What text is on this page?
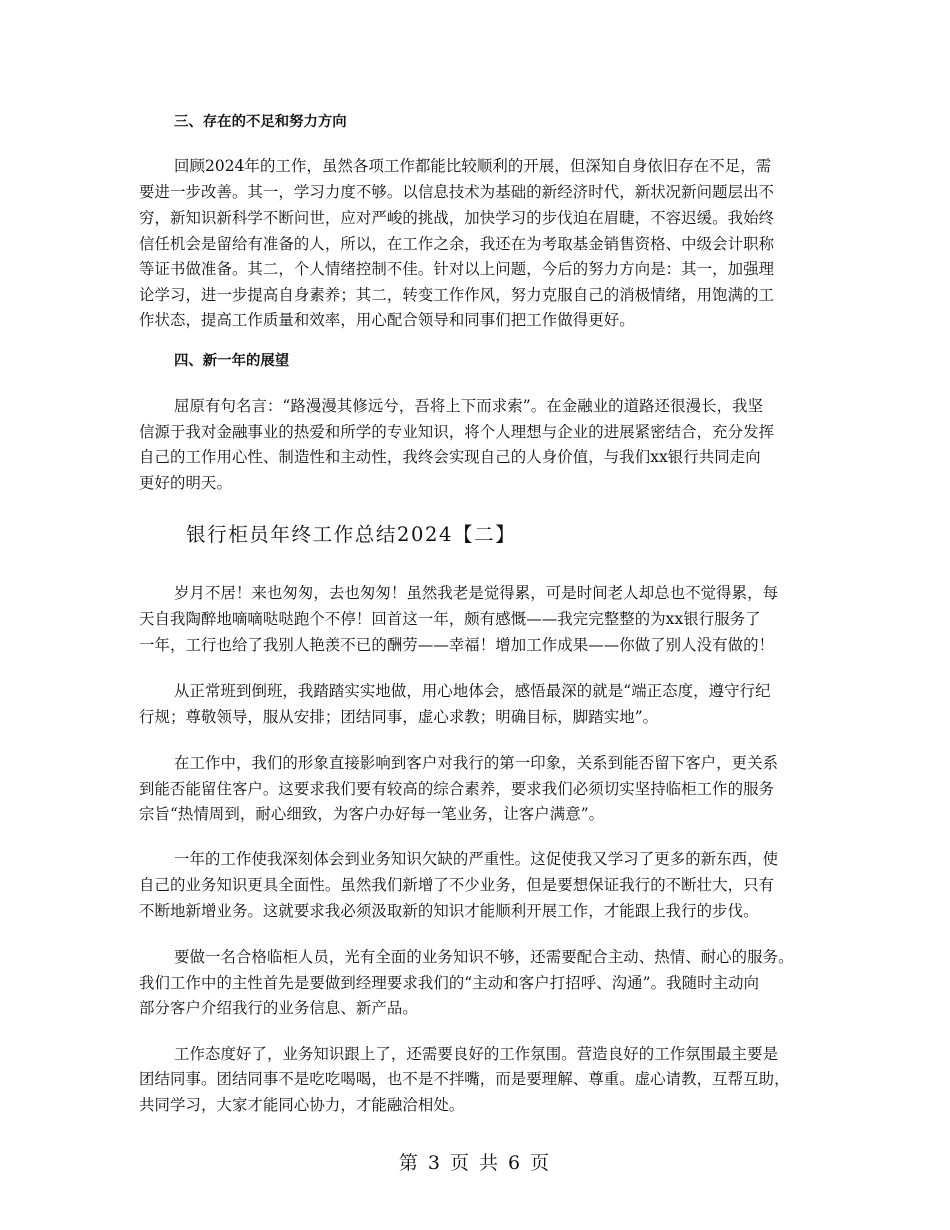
三、存在的不足和努力方向
回顾2024年的工作，虽然各项工作都能比较顺利的开展，但深知自身依旧存在不足，需
要进一步改善。其一，学习力度不够。以信息技术为基础的新经济时代，新状况新问题层出不
穷，新知识新科学不断问世，应对严峻的挑战，加快学习的步伐迫在眉睫，不容迟缓。我始终
信任机会是留给有准备的人，所以，在工作之余，我还在为考取基金销售资格、中级会计职称
等证书做准备。其二，个人情绪控制不佳。针对以上问题，今后的努力方向是：其一，加强理
论学习，进一步提高自身素养；其二，转变工作作风，努力克服自己的消极情绪，用饱满的工
作状态，提高工作质量和效率，用心配合领导和同事们把工作做得更好。
四、新一年的展望
屈原有句名言：“路漫漫其修远兮，吾将上下而求索”。在金融业的道路还很漫长，我坚
信源于我对金融事业的热爱和所学的专业知识，将个人理想与企业的进展紧密结合，充分发挥
自己的工作用心性、制造性和主动性，我终会实现自己的人身价值，与我们xx银行共同走向
更好的明天。
银行柜员年终工作总结2024【二】
岁月不居！来也匆匆，去也匆匆！虽然我老是觉得累，可是时间老人却总也不觉得累，每
天自我陶醉地嘀嘀哒哒跑个不停！回首这一年，颇有感慨——我完完整整的为xx银行服务了
一年，工行也给了我别人艳羡不已的酬劳——幸福！增加工作成果——你做了别人没有做的！
从正常班到倒班，我踏踏实实地做，用心地体会，感悟最深的就是“端正态度，遵守行纪
行规；尊敬领导，服从安排；团结同事，虚心求教；明确目标，脚踏实地”。
在工作中，我们的形象直接影响到客户对我行的第一印象，关系到能否留下客户，更关系
到能否能留住客户。这要求我们要有较高的综合素养，要求我们必须切实坚持临柜工作的服务
宗旨“热情周到，耐心细致，为客户办好每一笔业务，让客户满意”。
一年的工作使我深刻体会到业务知识欠缺的严重性。这促使我又学习了更多的新东西，使
自己的业务知识更具全面性。虽然我们新增了不少业务，但是要想保证我行的不断壮大，只有
不断地新增业务。这就要求我必须汲取新的知识才能顺利开展工作，才能跟上我行的步伐。
要做一名合格临柜人员，光有全面的业务知识不够，还需要配合主动、热情、耐心的服务。
我们工作中的主性首先是要做到经理要求我们的“主动和客户打招呼、沟通”。我随时主动向
部分客户介绍我行的业务信息、新产品。
工作态度好了，业务知识跟上了，还需要良好的工作氛围。营造良好的工作氛围最主要是
团结同事。团结同事不是吃吃喝喝，也不是不拌嘴，而是要理解、尊重。虚心请教，互帮互助，
共同学习，大家才能同心协力，才能融洽相处。
第 3 页 共 6 页
